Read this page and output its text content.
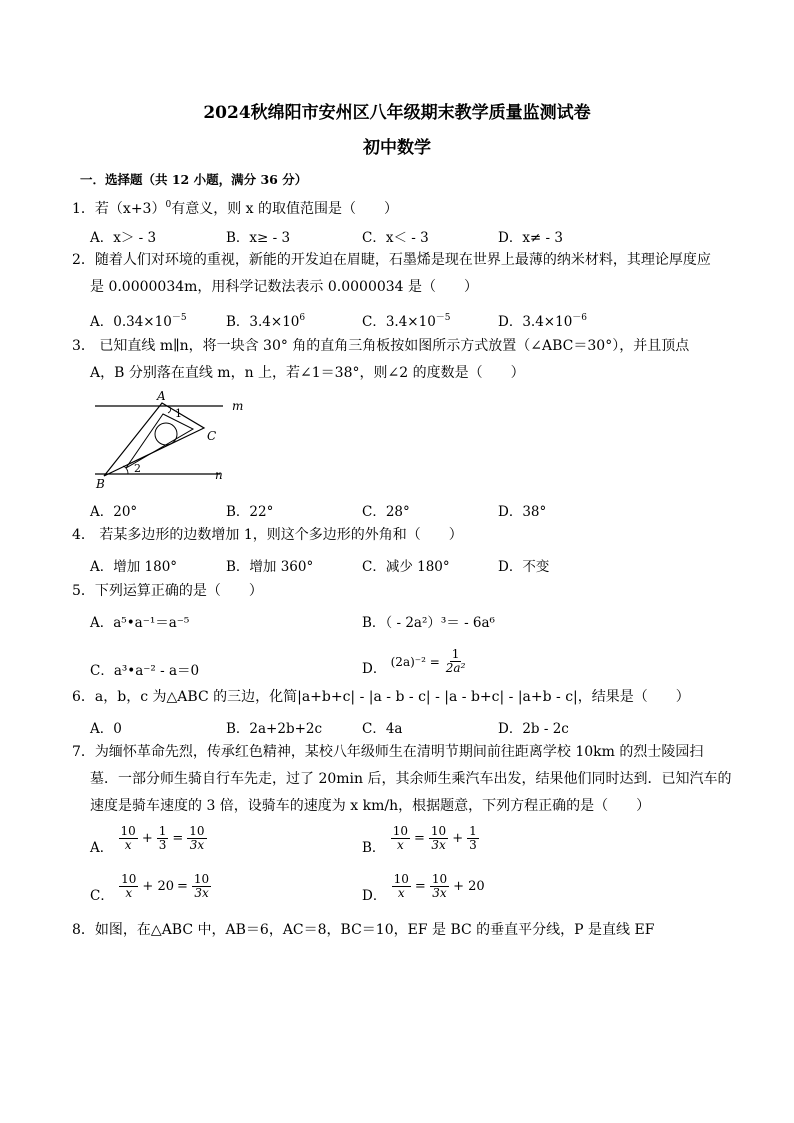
2024秋绵阳市安州区八年级期末教学质量监测试卷
初中数学
一．选择题（共 12 小题，满分 36 分）
1．若$(x+3)^0$有意义，则 x 的取值范围是（　　）
A．x＞ - 3	B．x≥ - 3	C．x＜ - 3	D．x≠ - 3
2．随着人们对环境的重视，新能的开发迫在眉睫，石墨烯是现在世界上最薄的纳米材料，其理论厚度应
是 0.0000034m，用科学记数法表示 0.0000034 是（　　）
A．$0.34\times 10^{-5}$	B．$3.4\times 10^6$	C．$3.4\times 10^{-5}$	D．$3.4\times 10^{-6}$
3． 已知直线 m∥n，将一块含 30° 角的直角三角板按如图所示方式放置（∠ABC＝30°），并且顶点
A，B 分别落在直线 m，n 上，若∠1＝38°，则∠2 的度数是（　　）
A
B
C
m
n
1
2
A．20°	B．22°	C．28°	D．38°
4． 若某多边形的边数增加 1，则这个多边形的外角和（　　）
A．增加 180°	B．增加 360°	C．减少 180°	D．不变
5．下列运算正确的是（　　）
A．a⁵•a⁻¹＝a⁻⁵	B．（ - 2a²）³＝ - 6a⁶
C．a³•a⁻² - a＝0	D． $(2a)^{-2} = \frac{1}{\text{2a²}}$
6．a，b，c 为△ABC 的三边，化简|a+b+c| - |a - b - c| - |a - b+c| - |a+b - c|，结果是（　　）
A．0	B．2a+2b+2c	C．4a	D．2b - 2c
7．为缅怀革命先烈，传承红色精神，某校八年级师生在清明节期间前往距离学校 10km 的烈士陵园扫
墓．一部分师生骑自行车先走，过了 20min 后，其余师生乘汽车出发，结果他们同时达到．已知汽车的
速度是骑车速度的 3 倍，设骑车的速度为 x km/h，根据题意，下列方程正确的是（　　）
A． $\frac{10}{x} + \frac{1}{3} = \frac{10}{3x}$	B． $\frac{10}{x} = \frac{10}{3x} + \frac{1}{3}$
C． $\frac{10}{x} + 20 = \frac{10}{3x}$	D． $\frac{10}{x} = \frac{10}{3x} + 20$
8．如图，在△ABC 中，AB＝6，AC＝8，BC＝10，EF 是 BC 的垂直平分线，P 是直线 EF
